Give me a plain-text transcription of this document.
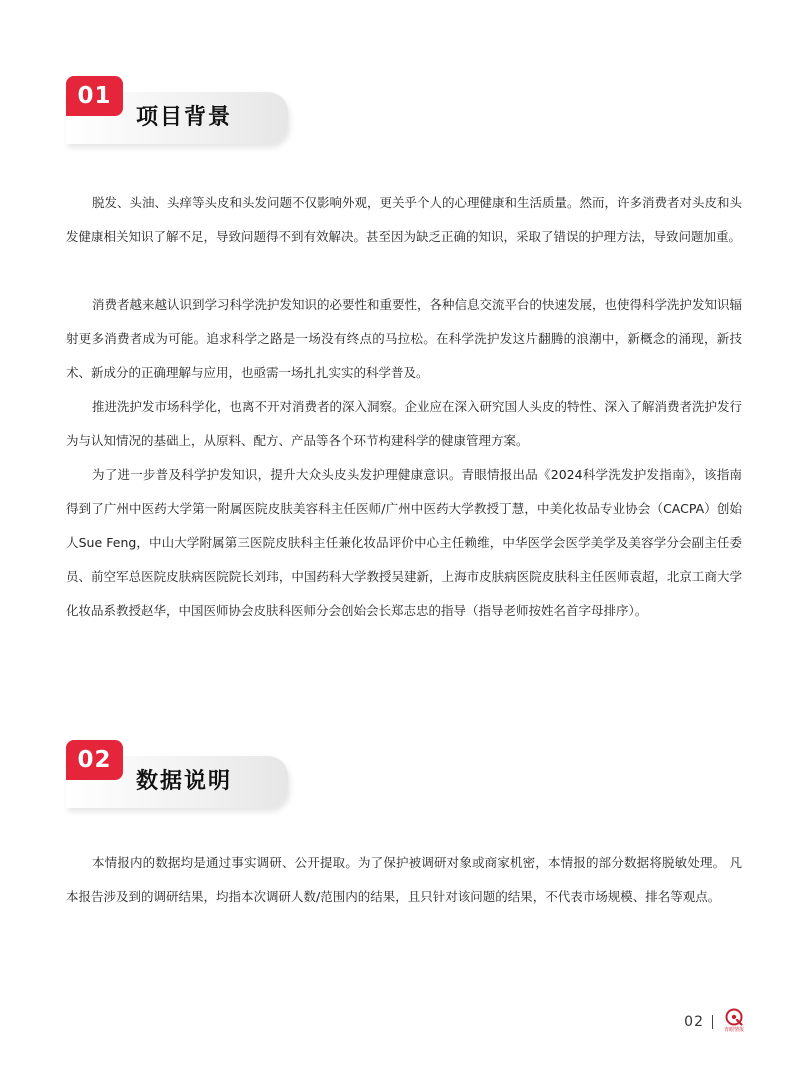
01
项目背景

脱发、头油、头痒等头皮和头发问题不仅影响外观，更关乎个人的心理健康和生活质量。然而，许多消费者对头皮和头发健康相关知识了解不足，导致问题得不到有效解决。甚至因为缺乏正确的知识，采取了错误的护理方法，导致问题加重。

消费者越来越认识到学习科学洗护发知识的必要性和重要性，各种信息交流平台的快速发展，也使得科学洗护发知识辐射更多消费者成为可能。追求科学之路是一场没有终点的马拉松。在科学洗护发这片翻腾的浪潮中，新概念的涌现，新技术、新成分的正确理解与应用，也亟需一场扎扎实实的科学普及。

推进洗护发市场科学化，也离不开对消费者的深入洞察。企业应在深入研究国人头皮的特性、深入了解消费者洗护发行为与认知情况的基础上，从原料、配方、产品等各个环节构建科学的健康管理方案。

为了进一步普及科学护发知识，提升大众头皮头发护理健康意识。青眼情报出品《2024科学洗发护发指南》，该指南得到了广州中医药大学第一附属医院皮肤美容科主任医师/广州中医药大学教授丁慧，中美化妆品专业协会（CACPA）创始人Sue Feng，中山大学附属第三医院皮肤科主任兼化妆品评价中心主任赖维，中华医学会医学美学及美容学分会副主任委员、前空军总医院皮肤病医院院长刘玮，中国药科大学教授吴建新，上海市皮肤病医院皮肤科主任医师袁超，北京工商大学化妆品系教授赵华，中国医师协会皮肤科医师分会创始会长郑志忠的指导（指导老师按姓名首字母排序）。

02
数据说明

本情报内的数据均是通过事实调研、公开提取。为了保护被调研对象或商家机密，本情报的部分数据将脱敏处理。 凡本报告涉及到的调研结果，均指本次调研人数/范围内的结果，且只针对该问题的结果，不代表市场规模、排名等观点。

02	青眼情报
